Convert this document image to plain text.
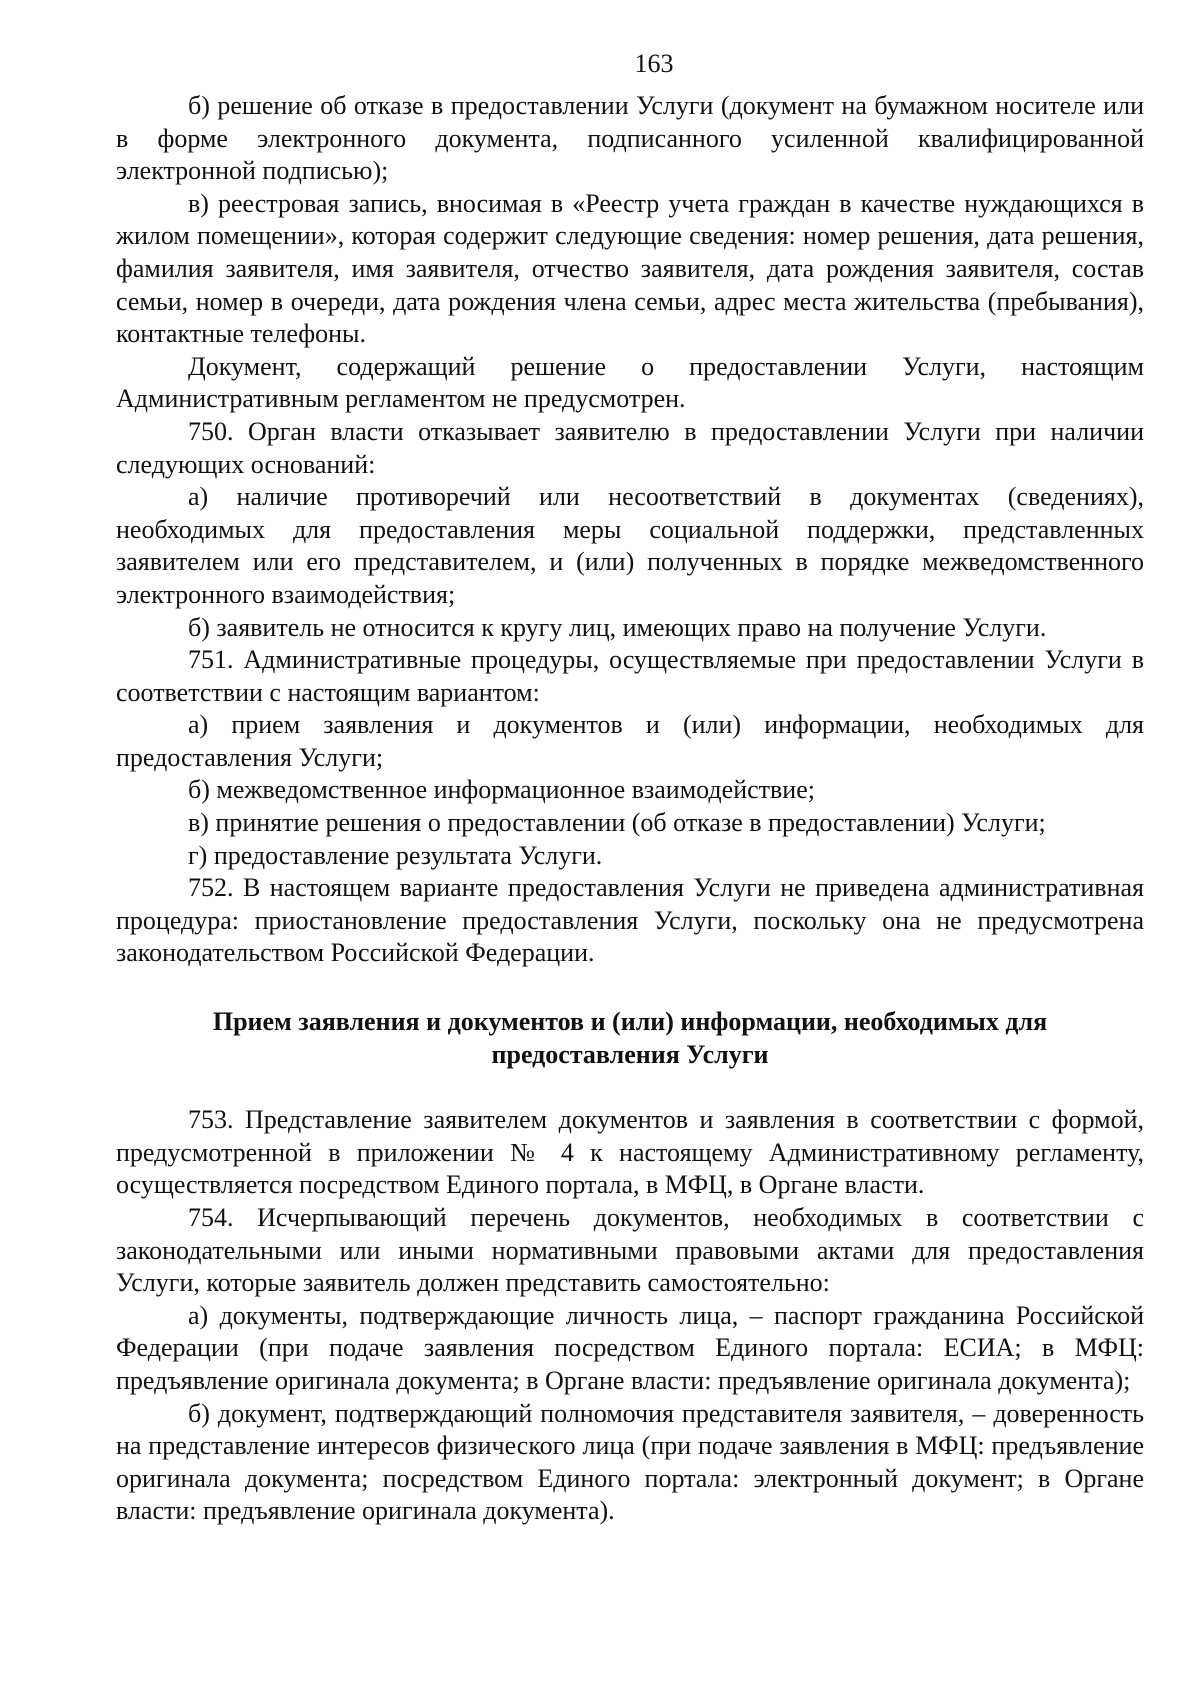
163

б) решение об отказе в предоставлении Услуги (документ на бумажном носителе или в форме электронного документа, подписанного усиленной квалифицированной электронной подписью);

в) реестровая запись, вносимая в «Реестр учета граждан в качестве нуждающихся в жилом помещении», которая содержит следующие сведения: номер решения, дата решения, фамилия заявителя, имя заявителя, отчество заявителя, дата рождения заявителя, состав семьи, номер в очереди, дата рождения члена семьи, адрес места жительства (пребывания), контактные телефоны.

Документ, содержащий решение о предоставлении Услуги, настоящим Административным регламентом не предусмотрен.

750. Орган власти отказывает заявителю в предоставлении Услуги при наличии следующих оснований:

а) наличие противоречий или несоответствий в документах (сведениях), необходимых для предоставления меры социальной поддержки, представленных заявителем или его представителем, и (или) полученных в порядке межведомственного электронного взаимодействия;

б) заявитель не относится к кругу лиц, имеющих право на получение Услуги.

751. Административные процедуры, осуществляемые при предоставлении Услуги в соответствии с настоящим вариантом:

а) прием заявления и документов и (или) информации, необходимых для предоставления Услуги;

б) межведомственное информационное взаимодействие;

в) принятие решения о предоставлении (об отказе в предоставлении) Услуги;

г) предоставление результата Услуги.

752. В настоящем варианте предоставления Услуги не приведена административная процедура: приостановление предоставления Услуги, поскольку она не предусмотрена законодательством Российской Федерации.

Прием заявления и документов и (или) информации, необходимых для предоставления Услуги

753. Представление заявителем документов и заявления в соответствии с формой, предусмотренной в приложении № 4 к настоящему Административному регламенту, осуществляется посредством Единого портала, в МФЦ, в Органе власти.

754. Исчерпывающий перечень документов, необходимых в соответствии с законодательными или иными нормативными правовыми актами для предоставления Услуги, которые заявитель должен представить самостоятельно:

а) документы, подтверждающие личность лица, – паспорт гражданина Российской Федерации (при подаче заявления посредством Единого портала: ЕСИА; в МФЦ: предъявление оригинала документа; в Органе власти: предъявление оригинала документа);

б) документ, подтверждающий полномочия представителя заявителя, – доверенность на представление интересов физического лица (при подаче заявления в МФЦ: предъявление оригинала документа; посредством Единого портала: электронный документ; в Органе власти: предъявление оригинала документа).
